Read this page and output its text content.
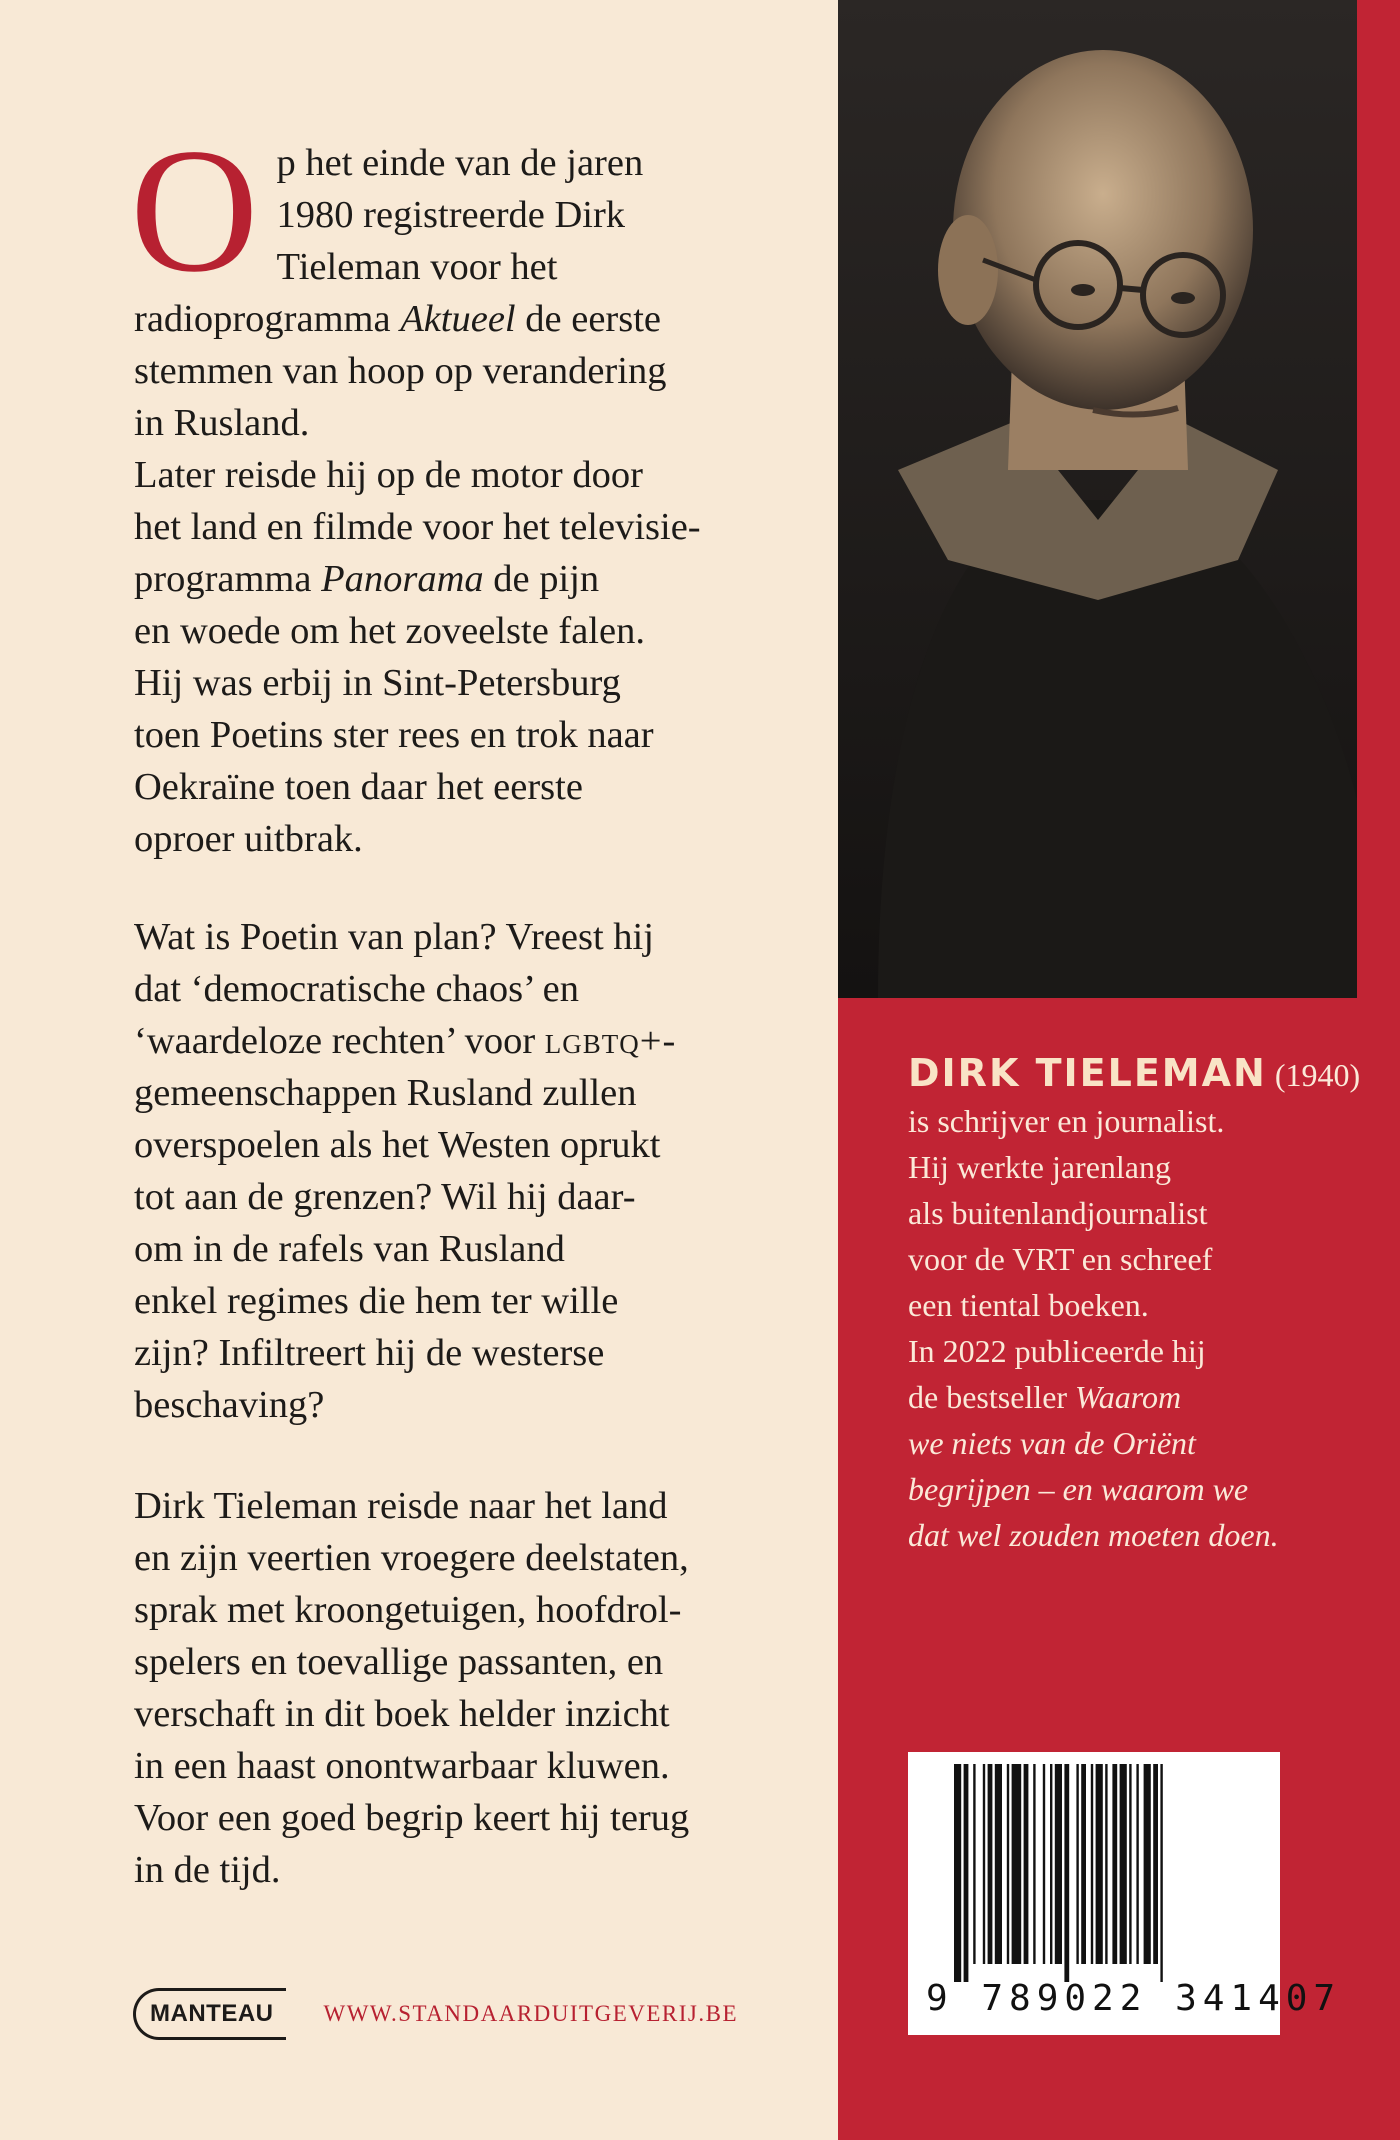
Op het einde van de jaren
1980 registreerde Dirk
Tieleman voor het
radioprogramma Aktueel de eerste

stemmen van hoop op verandering
in Rusland.
Later reisde hij op de motor door
het land en filmde voor het televisie-

programma Panorama de pijn

en woede om het zoveelste falen.
Hij was erbij in Sint-Petersburg
toen Poetins ster rees en trok naar
Oekraïne toen daar het eerste
oproer uitbrak.

Wat is Poetin van plan? Vreest hij
dat ‘democratische chaos’ en
‘waardeloze rechten’ voor lgbtq+-
gemeenschappen Rusland zullen
overspoelen als het Westen oprukt
tot aan de grenzen? Wil hij daar-
om in de rafels van Rusland
enkel regimes die hem ter wille
zijn? Infiltreert hij de westerse
beschaving?

Dirk Tieleman reisde naar het land
en zijn veertien vroegere deelstaten,
sprak met kroongetuigen, hoofdrol-
spelers en toevallige passanten, en
verschaft in dit boek helder inzicht
in een haast onontwarbaar kluwen.
Voor een goed begrip keert hij terug
in de tijd.

MANTEAU	WWW.STANDAARDUITGEVERIJ.BE
DIRK TIELEMAN (1940)
is schrijver en journalist.
Hij werkte jarenlang
als buitenlandjournalist
voor de VRT en schreef
een tiental boeken.
In 2022 publiceerde hij
de bestseller Waarom
we niets van de Oriënt
begrijpen – en waarom we
dat wel zouden moeten doen.
9 789022 341407
